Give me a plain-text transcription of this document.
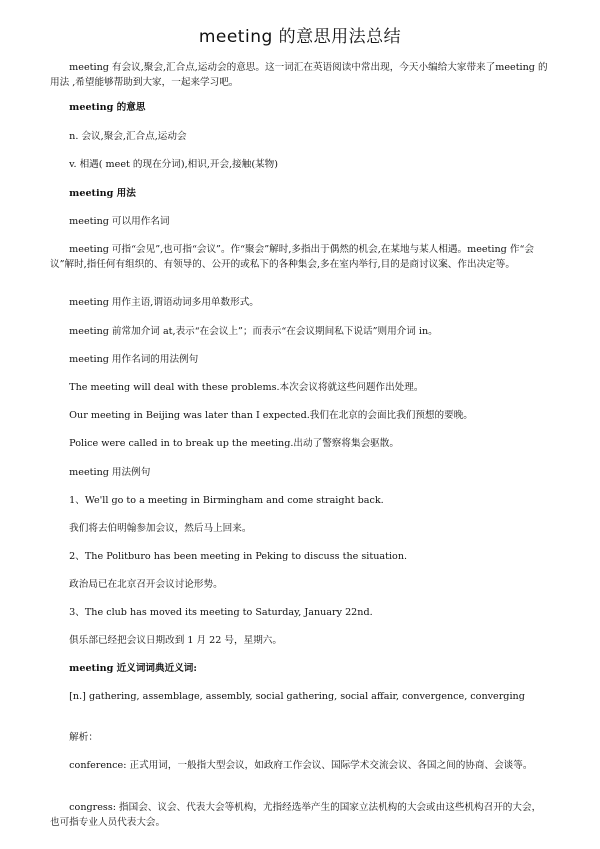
meeting 的意思用法总结
　　meeting 有会议,聚会,汇合点,运动会的意思。这一词汇在英语阅读中常出现，今天小编给大家带来了meeting 的用法 ,希望能够帮助到大家，一起来学习吧。
　　meeting 的意思
　　n. 会议,聚会,汇合点,运动会
　　v. 相遇( meet 的现在分词),相识,开会,接触(某物)
　　meeting 用法
　　meeting 可以用作名词
　　meeting 可指“会见”,也可指“会议”。作“聚会”解时,多指出于偶然的机会,在某地与某人相遇。meeting 作“会议”解时,指任何有组织的、有领导的、公开的或私下的各种集会,多在室内举行,目的是商讨议案、作出决定等。
　　meeting 用作主语,谓语动词多用单数形式。
　　meeting 前常加介词 at,表示“在会议上”；而表示“在会议期间私下说话”则用介词 in。
　　meeting 用作名词的用法例句
　　The meeting will deal with these problems.本次会议将就这些问题作出处理。
　　Our meeting in Beijing was later than I expected.我们在北京的会面比我们预想的要晚。
　　Police were called in to break up the meeting.出动了警察将集会驱散。
　　meeting 用法例句
　　1、We'll go to a meeting in Birmingham and come straight back.
　　我们将去伯明翰参加会议，然后马上回来。
　　2、The Politburo has been meeting in Peking to discuss the situation.
　　政治局已在北京召开会议讨论形势。
　　3、The club has moved its meeting to Saturday, January 22nd.
　　俱乐部已经把会议日期改到 1 月 22 号，星期六。
　　meeting 近义词词典近义词:
　　[n.] gathering, assemblage, assembly, social gathering, social affair, convergence, converging
　　解析：
　　conference: 正式用词，一般指大型会议，如政府工作会议、国际学术交流会议、各国之间的协商、会谈等。
　　congress: 指国会、议会、代表大会等机构，尤指经选举产生的国家立法机构的大会或由这些机构召开的大会，也可指专业人员代表大会。
